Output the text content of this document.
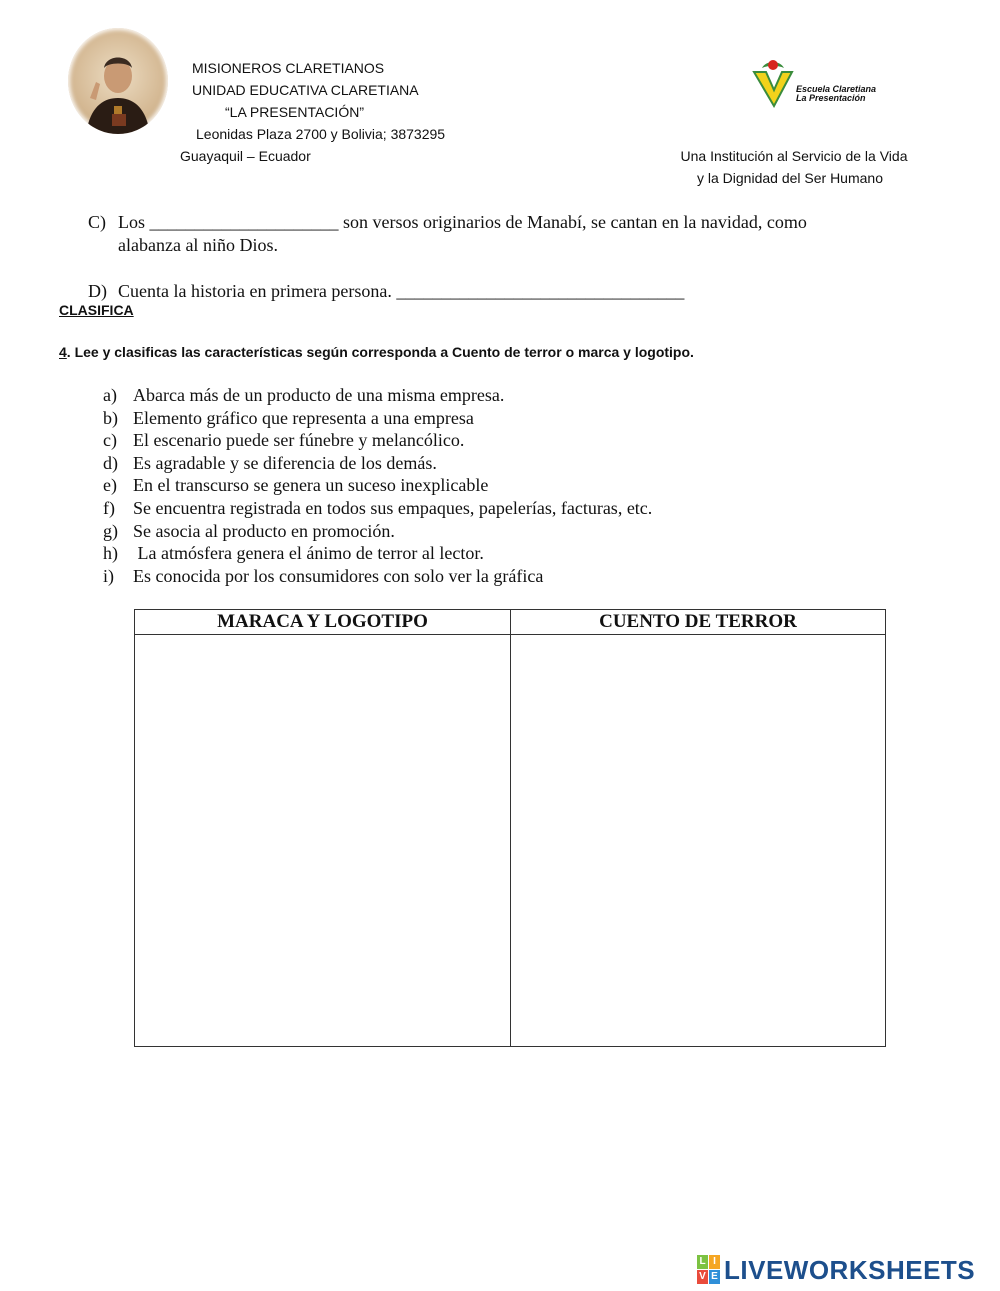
MISIONEROS CLARETIANOS
UNIDAD EDUCATIVA CLARETIANA
“LA PRESENTACIÓN”
Leonidas Plaza 2700 y Bolivia; 3873295
Guayaquil – Ecuador
Escuela Claretiana
La Presentación
Una Institución al Servicio de la Vida
y la Dignidad del Ser Humano
C) Los _____________________ son versos originarios de Manabí, se cantan en la navidad, como
alabanza al niño Dios.
D) Cuenta la historia en primera persona. ________________________________
CLASIFICA
4. Lee y clasificas las características según corresponda a Cuento de terror o marca y logotipo.
a) Abarca más de un producto de una misma empresa.
b) Elemento gráfico que representa a una empresa
c) El escenario puede ser fúnebre y melancólico.
d) Es agradable y se diferencia de los demás.
e) En el transcurso se genera un suceso inexplicable
f) Se encuentra registrada en todos sus empaques, papelerías, facturas, etc.
g) Se asocia al producto en promoción.
h) La atmósfera genera el ánimo de terror al lector.
i) Es conocida por los consumidores con solo ver la gráfica
MARACA Y LOGOTIPO	CUENTO DE TERROR
L I
V E LIVEWORKSHEETS
